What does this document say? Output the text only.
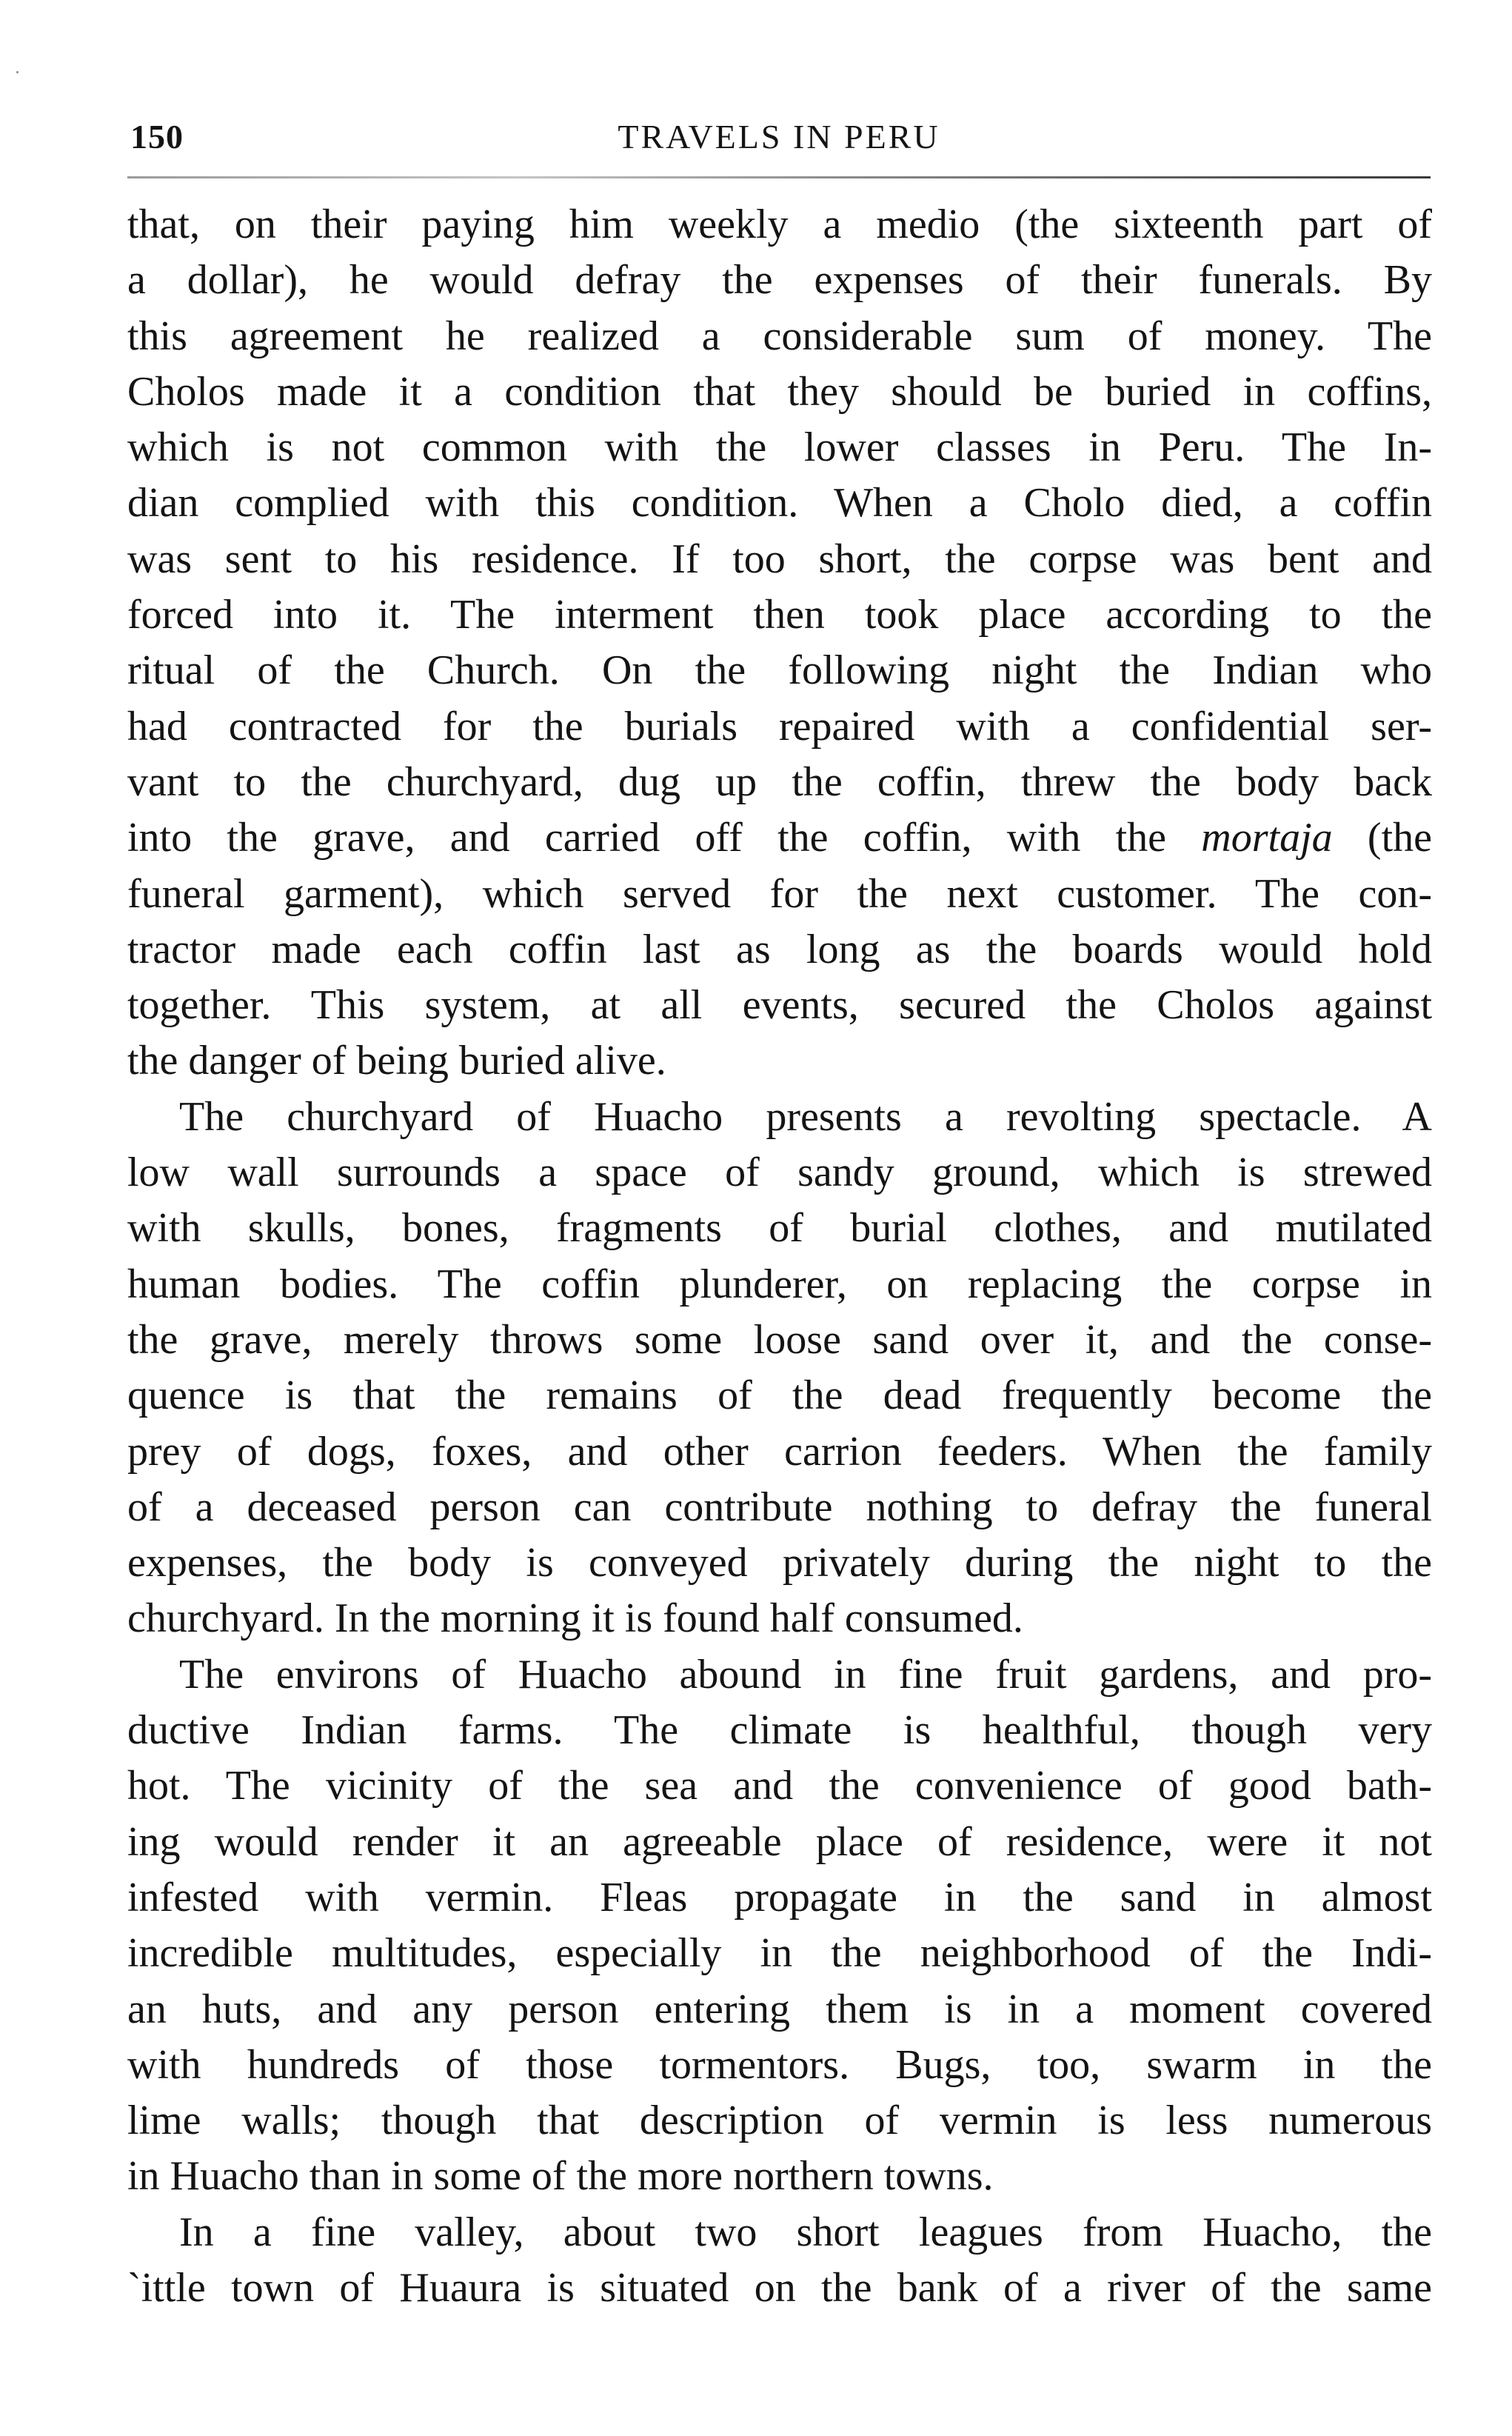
150	TRAVELS IN PERU
that, on their paying him weekly a medio (the sixteenth part of
a dollar), he would defray the expenses of their funerals. By
this agreement he realized a considerable sum of money. The
Cholos made it a condition that they should be buried in coffins,
which is not common with the lower classes in Peru. The In-
dian complied with this condition. When a Cholo died, a coffin
was sent to his residence. If too short, the corpse was bent and
forced into it. The interment then took place according to the
ritual of the Church. On the following night the Indian who
had contracted for the burials repaired with a confidential ser-
vant to the churchyard, dug up the coffin, threw the body back
into the grave, and carried off the coffin, with the mortaja (the
funeral garment), which served for the next customer. The con-
tractor made each coffin last as long as the boards would hold
together. This system, at all events, secured the Cholos against
the danger of being buried alive.
The churchyard of Huacho presents a revolting spectacle. A
low wall surrounds a space of sandy ground, which is strewed
with skulls, bones, fragments of burial clothes, and mutilated
human bodies. The coffin plunderer, on replacing the corpse in
the grave, merely throws some loose sand over it, and the conse-
quence is that the remains of the dead frequently become the
prey of dogs, foxes, and other carrion feeders. When the family
of a deceased person can contribute nothing to defray the funeral
expenses, the body is conveyed privately during the night to the
churchyard. In the morning it is found half consumed.
The environs of Huacho abound in fine fruit gardens, and pro-
ductive Indian farms. The climate is healthful, though very
hot. The vicinity of the sea and the convenience of good bath-
ing would render it an agreeable place of residence, were it not
infested with vermin. Fleas propagate in the sand in almost
incredible multitudes, especially in the neighborhood of the Indi-
an huts, and any person entering them is in a moment covered
with hundreds of those tormentors. Bugs, too, swarm in the
lime walls; though that description of vermin is less numerous
in Huacho than in some of the more northern towns.
In a fine valley, about two short leagues from Huacho, the
`ittle town of Huaura is situated on the bank of a river of the same
